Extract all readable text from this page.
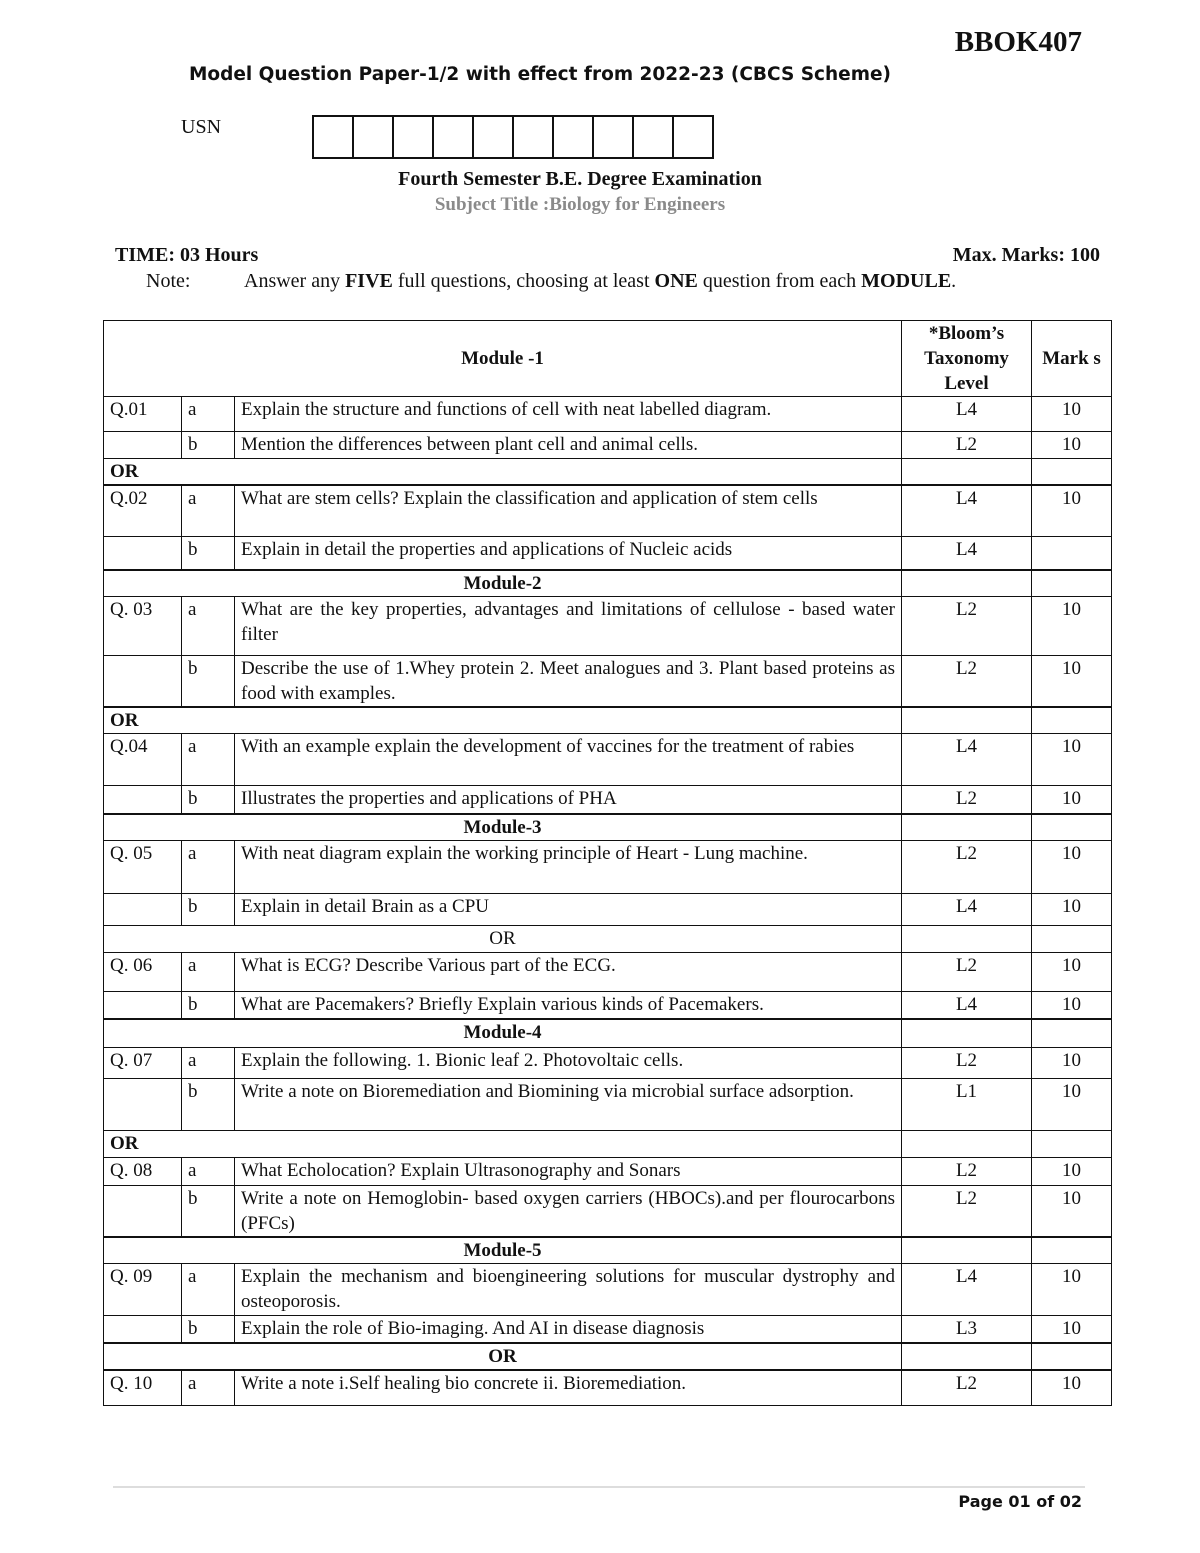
BBOK407
Model Question Paper-1/2 with effect from 2022-23 (CBCS Scheme)
USN
Fourth Semester B.E. Degree Examination
Subject Title :Biology for Engineers
TIME: 03 Hours	Max. Marks: 100
Note:	Answer any FIVE full questions, choosing at least ONE question from each MODULE.
Module -1			*Bloom’s Taxonomy Level	Mark s
Q.01	a	Explain the structure and functions of cell with neat labelled diagram.	L4	10
	b	Mention the differences between plant cell and animal cells.	L2	10
OR				
Q.02	a	What are stem cells? Explain the classification and application of stem cells	L4	10
	b	Explain in detail the properties and applications of Nucleic acids	L4	
Module-2				
Q. 03	a	What are the key properties, advantages and limitations of cellulose - based water filter	L2	10
	b	Describe the use of 1.Whey protein 2. Meet analogues and 3. Plant based proteins as food with examples.	L2	10
OR				
Q.04	a	With an example explain the development of vaccines for the treatment of rabies	L4	10
	b	Illustrates the properties and applications of PHA	L2	10
Module-3				
Q. 05	a	With neat diagram explain the working principle of Heart - Lung machine.	L2	10
	b	Explain in detail Brain as a CPU	L4	10
OR				
Q. 06	a	What is ECG? Describe Various part of the ECG.	L2	10
	b	What are Pacemakers? Briefly Explain various kinds of Pacemakers.	L4	10
Module-4				
Q. 07	a	Explain the following. 1. Bionic leaf 2. Photovoltaic cells.	L2	10
	b	Write a note on Bioremediation and Biomining via microbial surface adsorption.	L1	10
OR				
Q. 08	a	What Echolocation? Explain Ultrasonography and Sonars	L2	10
	b	Write a note on Hemoglobin- based oxygen carriers (HBOCs).and per flourocarbons (PFCs)	L2	10
Module-5				
Q. 09	a	Explain the mechanism and bioengineering solutions for muscular dystrophy and osteoporosis.	L4	10
	b	Explain the role of Bio-imaging. And AI in disease diagnosis	L3	10
OR				
Q. 10	a	Write a note i.Self healing bio concrete ii. Bioremediation.	L2	10
Page 01 of 02
